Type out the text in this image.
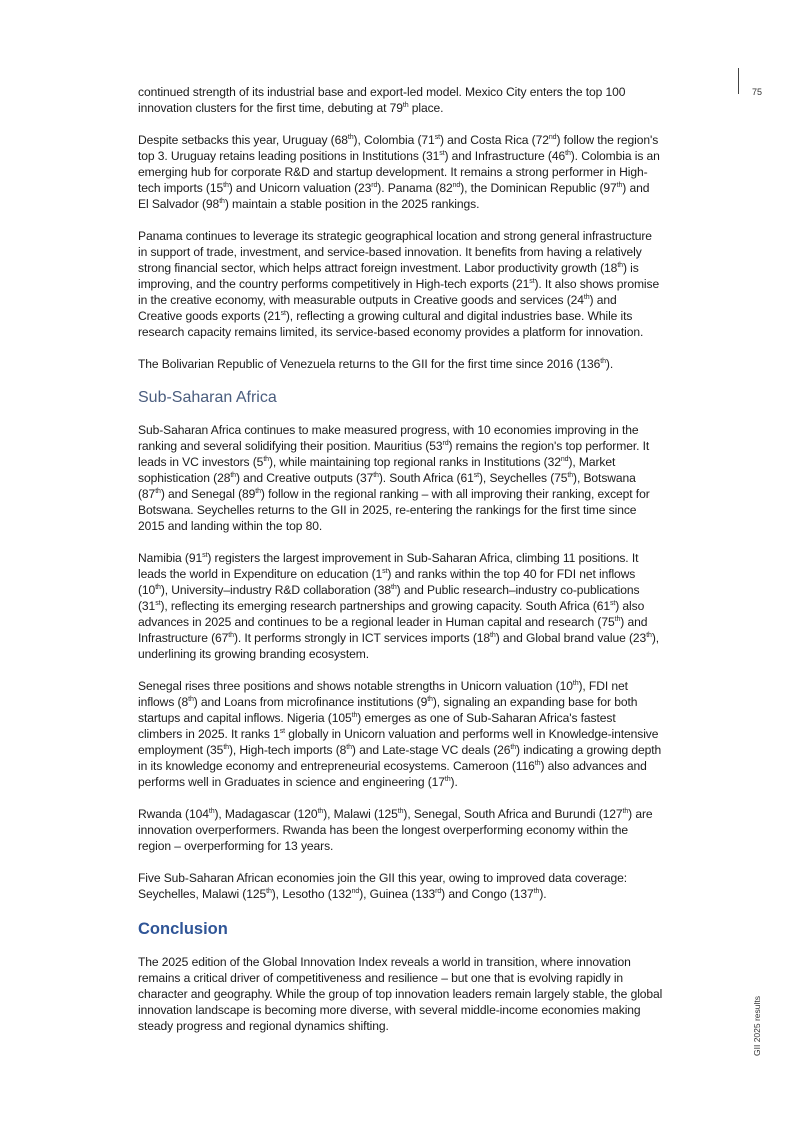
75
GII 2025 results

continued strength of its industrial base and export-led model. Mexico City enters the top 100 innovation clusters for the first time, debuting at 79th place.

Despite setbacks this year, Uruguay (68th), Colombia (71st) and Costa Rica (72nd) follow the region's top 3. Uruguay retains leading positions in Institutions (31st) and Infrastructure (46th). Colombia is an emerging hub for corporate R&D and startup development. It remains a strong performer in High-tech imports (15th) and Unicorn valuation (23rd). Panama (82nd), the Dominican Republic (97th) and El Salvador (98th) maintain a stable position in the 2025 rankings.

Panama continues to leverage its strategic geographical location and strong general infrastructure in support of trade, investment, and service-based innovation. It benefits from having a relatively strong financial sector, which helps attract foreign investment. Labor productivity growth (18th) is improving, and the country performs competitively in High-tech exports (21st). It also shows promise in the creative economy, with measurable outputs in Creative goods and services (24th) and Creative goods exports (21st), reflecting a growing cultural and digital industries base. While its research capacity remains limited, its service-based economy provides a platform for innovation.

The Bolivarian Republic of Venezuela returns to the GII for the first time since 2016 (136th).

Sub-Saharan Africa

Sub-Saharan Africa continues to make measured progress, with 10 economies improving in the ranking and several solidifying their position. Mauritius (53rd) remains the region's top performer. It leads in VC investors (5th), while maintaining top regional ranks in Institutions (32nd), Market sophistication (28th) and Creative outputs (37th). South Africa (61st), Seychelles (75th), Botswana (87th) and Senegal (89th) follow in the regional ranking – with all improving their ranking, except for Botswana. Seychelles returns to the GII in 2025, re-entering the rankings for the first time since 2015 and landing within the top 80.

Namibia (91st) registers the largest improvement in Sub-Saharan Africa, climbing 11 positions. It leads the world in Expenditure on education (1st) and ranks within the top 40 for FDI net inflows (10th), University–industry R&D collaboration (38th) and Public research–industry co-publications (31st), reflecting its emerging research partnerships and growing capacity. South Africa (61st) also advances in 2025 and continues to be a regional leader in Human capital and research (75th) and Infrastructure (67th). It performs strongly in ICT services imports (18th) and Global brand value (23th), underlining its growing branding ecosystem.

Senegal rises three positions and shows notable strengths in Unicorn valuation (10th), FDI net inflows (8th) and Loans from microfinance institutions (9th), signaling an expanding base for both startups and capital inflows. Nigeria (105th) emerges as one of Sub-Saharan Africa's fastest climbers in 2025. It ranks 1st globally in Unicorn valuation and performs well in Knowledge-intensive employment (35th), High-tech imports (8th) and Late-stage VC deals (26th) indicating a growing depth in its knowledge economy and entrepreneurial ecosystems. Cameroon (116th) also advances and performs well in Graduates in science and engineering (17th).

Rwanda (104th), Madagascar (120th), Malawi (125th), Senegal, South Africa and Burundi (127th) are innovation overperformers. Rwanda has been the longest overperforming economy within the region – overperforming for 13 years.

Five Sub-Saharan African economies join the GII this year, owing to improved data coverage: Seychelles, Malawi (125th), Lesotho (132nd), Guinea (133rd) and Congo (137th).

Conclusion

The 2025 edition of the Global Innovation Index reveals a world in transition, where innovation remains a critical driver of competitiveness and resilience – but one that is evolving rapidly in character and geography. While the group of top innovation leaders remain largely stable, the global innovation landscape is becoming more diverse, with several middle-income economies making steady progress and regional dynamics shifting.
